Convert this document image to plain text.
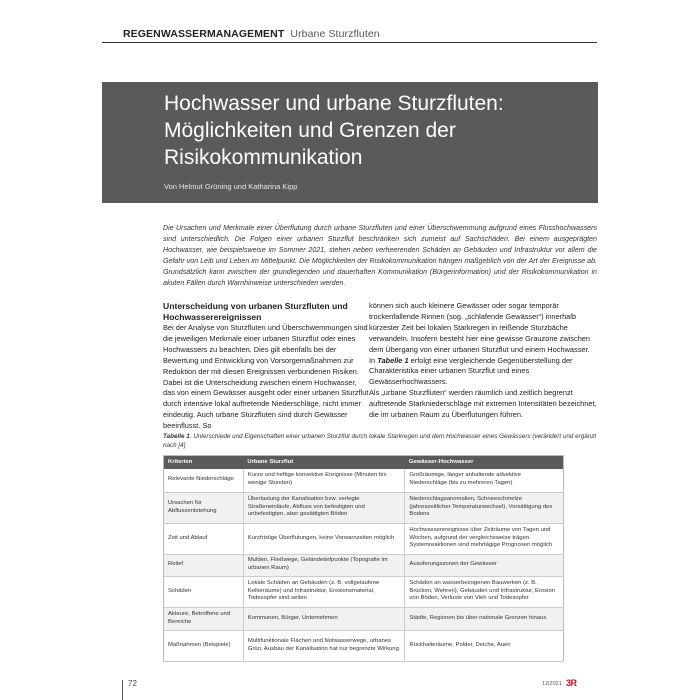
REGENWASSERMANAGEMENT Urbane Sturzfluten
Hochwasser und urbane Sturzfluten: Möglichkeiten und Grenzen der Risikokommunikation
Von Helmut Grüning und Katharina Kipp

Die Ursachen und Merkmale einer Überflutung durch urbane Sturzfluten und einer Überschwemmung aufgrund eines Flusshochwassers sind unterschiedlich. Die Folgen einer urbanen Sturzflut beschränken sich zumeist auf Sachschäden. Bei einem ausgeprägten Hochwasser, wie beispielsweise im Sommer 2021, stehen neben verheerenden Schäden an Gebäuden und Infrastruktur vor allem die Gefahr von Leib und Leben im Mittelpunkt. Die Möglichkeiten der Risikokommunikation hängen maßgeblich von der Art der Ereignisse ab. Grundsätzlich kann zwischen der grundlegenden und dauerhaften Kommunikation (Bürgerinformation) und der Risikokommunikation in akuten Fällen durch Warnhinweise unterschieden werden.

Unterscheidung von urbanen Sturzfluten und Hochwasserereignissen

Bei der Analyse von Sturzfluten und Überschwemmungen sind die jeweiligen Merkmale einer urbanen Sturzflut oder eines Hochwassers zu beachten. Dies gilt ebenfalls bei der Bewertung und Entwicklung von Vorsorgemaßnahmen zur Reduktion der mit diesen Ereignissen verbundenen Risiken. Dabei ist die Unterscheidung zwischen einem Hochwasser, das von einem Gewässer ausgeht oder einer urbanen Sturzflut durch intensive lokal auftretende Niederschläge, nicht immer eindeutig. Auch urbane Sturzfluten sind durch Gewässer beeinflusst. So

können sich auch kleinere Gewässer oder sogar temporär trockenfallende Rinnen (sog. „schlafende Gewässer“) innerhalb kürzester Zeit bei lokalen Starkregen in reißende Sturzbäche verwandeln. Insofern besteht hier eine gewisse Grauzone zwischen dem Übergang von einer urbanen Sturzflut und einem Hochwasser. In Tabelle 1 erfolgt eine vergleichende Gegenüberstellung der Charakteristika einer urbanen Sturzflut und eines Gewässerhochwassers.

Als „urbane Sturzfluten“ werden räumlich und zeitlich begrenzt auftretende Starkniederschläge mit extremen Intensitäten bezeichnet, die im urbanen Raum zu Überflutungen führen.

Tabelle 1: Unterschiede und Eigenschaften einer urbanen Sturzflut durch lokale Starkregen und dem Hochwasser eines Gewässers (verändert und ergänzt nach [4]

Kriterien	Urbane Sturzflut	Gewässer-Hochwasser
Relevante Niederschläge	Kurze und heftige konvektive Ereignisse (Minuten bis wenige Stunden)	Großräumige, länger anhaltende advektive Niederschläge (bis zu mehreren Tagen)
Ursachen für Abflussentstehung	Überlastung der Kanalisation bzw. verlegte Straßeneinläufe, Abfluss von befestigten und unbefestigten, aber gesättigten Böden	Niederschlagsanomalien, Schneeschmelze (jahreszeitlicher Temperaturwechsel), Vorsättigung des Bodens
Zeit und Ablauf	Kurzfristige Überflutungen, keine Vorwarnzeiten möglich	Hochwasserereignisse über Zeiträume von Tagen und Wochen, aufgrund der vergleichsweise trägen Systemreaktionen sind mehrtägige Prognosen möglich
Relief	Mulden, Fließwege, Geländetiefpunkte (Topografie im urbanen Raum)	Ausuferungszonen der Gewässer
Schäden	Lokale Schäden an Gebäuden (z. B. vollgelaufene Kellerräume) und Infrastruktur, Erosionsmaterial, Todesopfer sind selten	Schäden an wasserbezogenen Bauwerken (z. B. Brücken, Wehren), Gebäuden und Infrastruktur, Erosion von Böden, Verluste von Vieh und Todesopfer
Akteure, Betroffene und Bereiche	Kommunen, Bürger, Unternehmen	Städte, Regionen bis über nationale Grenzen hinaus
Maßnahmen (Beispiele)	Multifunktionale Flächen und Notwasserwege, urbanes Grün, Ausbau der Kanalisation hat nur begrenzte Wirkung	Rückhalteräume, Polder, Deiche, Auen
72	12|2021 3R
